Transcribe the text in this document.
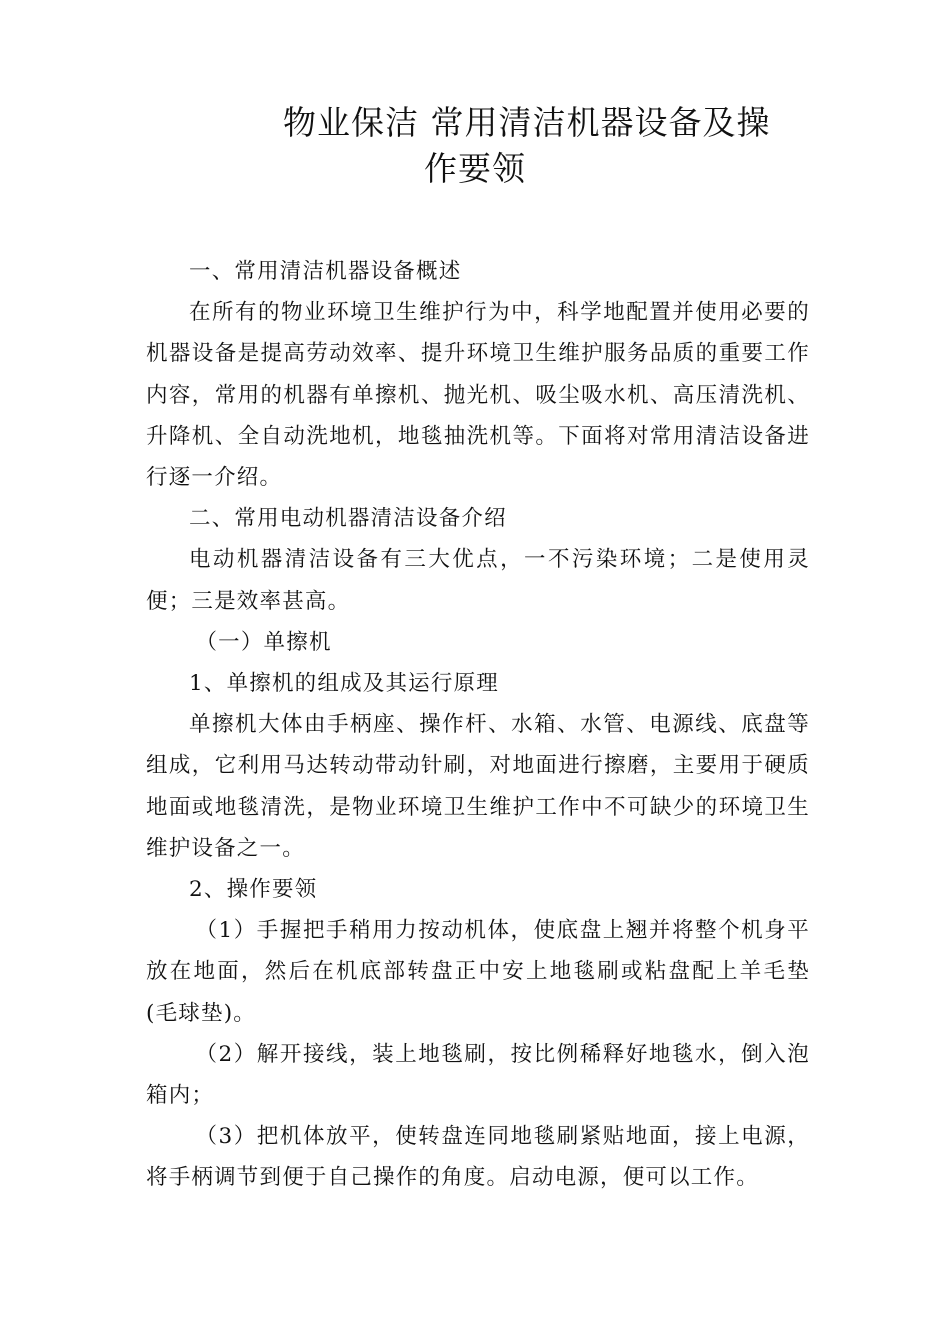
物业保洁 常用清洁机器设备及操
作要领

一、常用清洁机器设备概述

在所有的物业环境卫生维护行为中，科学地配置并使用必要的机器设备是提高劳动效率、提升环境卫生维护服务品质的重要工作内容，常用的机器有单擦机、抛光机、吸尘吸水机、高压清洗机、升降机、全自动洗地机，地毯抽洗机等。下面将对常用清洁设备进行逐一介绍。

二、常用电动机器清洁设备介绍

电动机器清洁设备有三大优点，一不污染环境；二是使用灵便；三是效率甚高。

（一）单擦机

1、单擦机的组成及其运行原理

单擦机大体由手柄座、操作杆、水箱、水管、电源线、底盘等组成，它利用马达转动带动针刷，对地面进行擦磨，主要用于硬质地面或地毯清洗，是物业环境卫生维护工作中不可缺少的环境卫生维护设备之一。

2、操作要领

（1）手握把手稍用力按动机体，使底盘上翘并将整个机身平放在地面，然后在机底部转盘正中安上地毯刷或粘盘配上羊毛垫(毛球垫)。

（2）解开接线，装上地毯刷，按比例稀释好地毯水，倒入泡箱内；

（3）把机体放平，使转盘连同地毯刷紧贴地面，接上电源，将手柄调节到便于自己操作的角度。启动电源，便可以工作。
